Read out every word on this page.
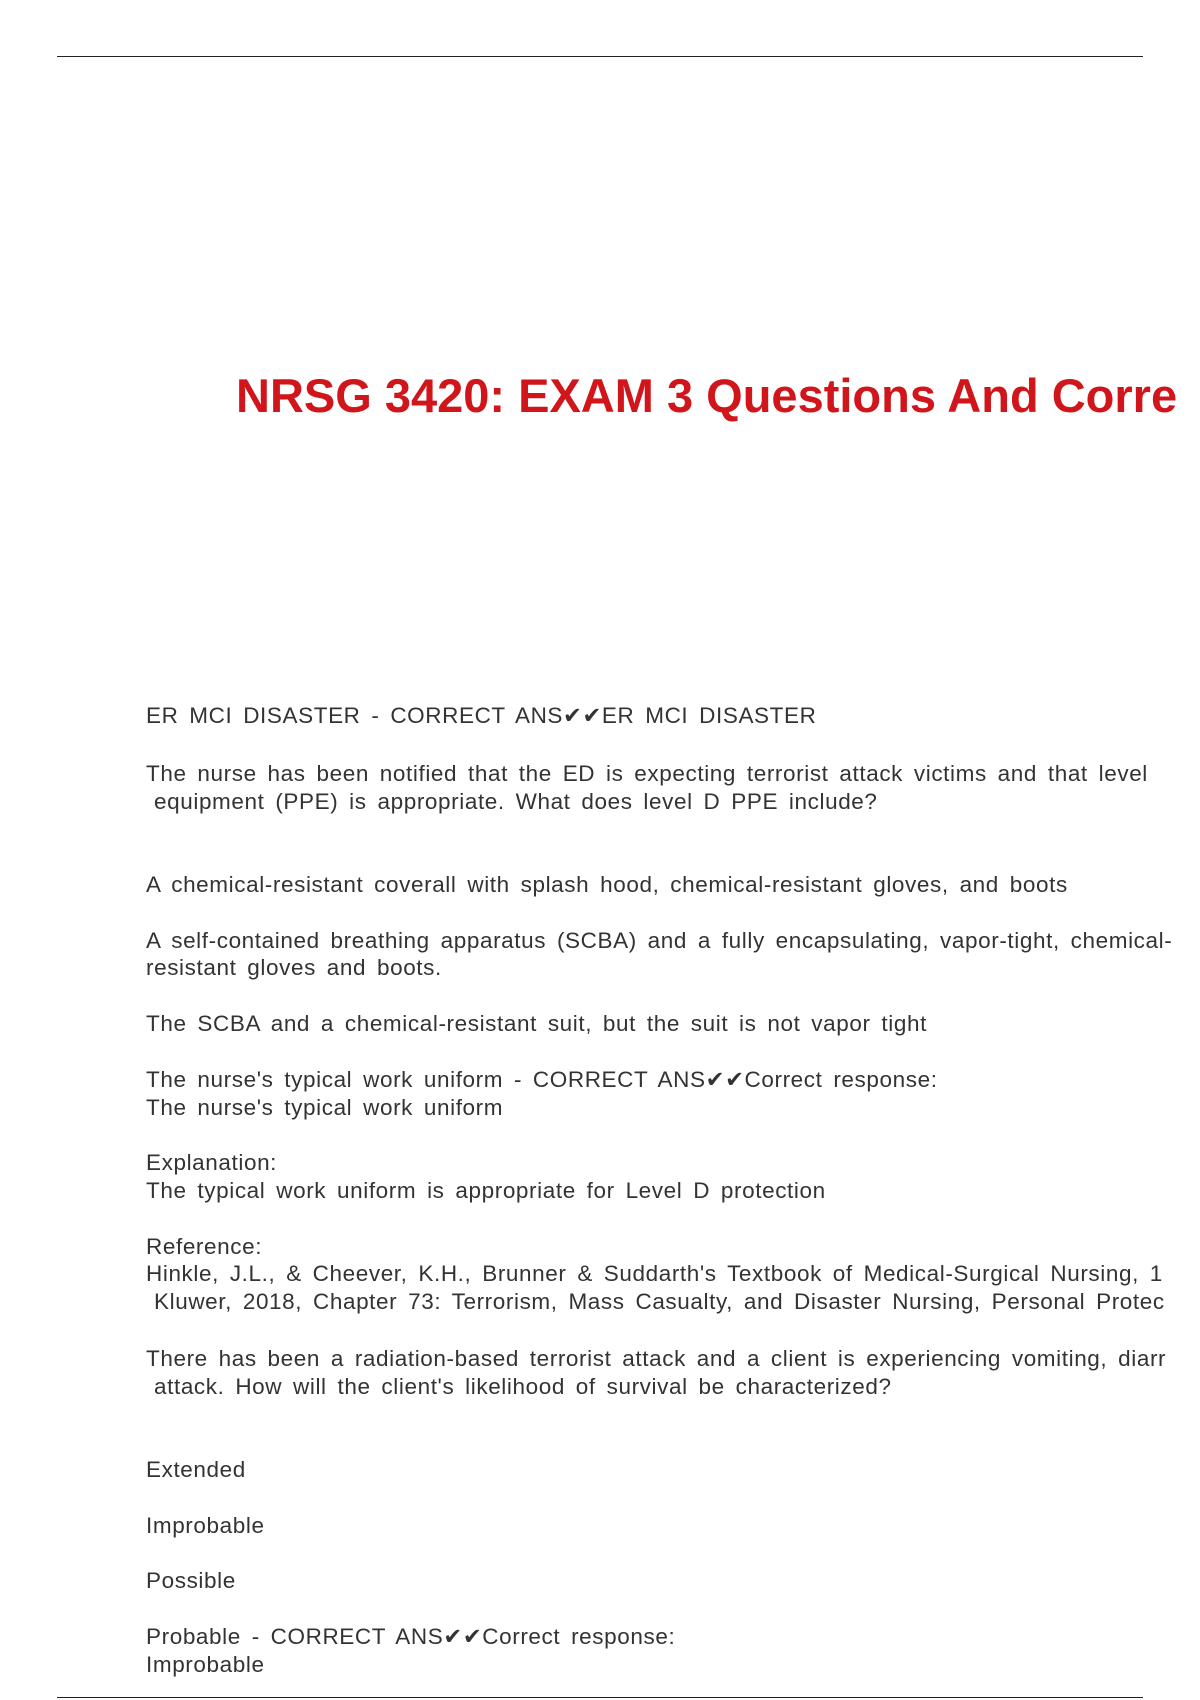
NRSG 3420: EXAM 3 Questions And Corre

ER MCI DISASTER - CORRECT ANS✔✔ER MCI DISASTER

The nurse has been notified that the ED is expecting terrorist attack victims and that level

equipment (PPE) is appropriate. What does level D PPE include?

A chemical-resistant coverall with splash hood, chemical-resistant gloves, and boots

A self-contained breathing apparatus (SCBA) and a fully encapsulating, vapor-tight, chemical-

resistant gloves and boots.

The SCBA and a chemical-resistant suit, but the suit is not vapor tight

The nurse's typical work uniform - CORRECT ANS✔✔Correct response:

The nurse's typical work uniform

Explanation:

The typical work uniform is appropriate for Level D protection

Reference:

Hinkle, J.L., & Cheever, K.H., Brunner & Suddarth's Textbook of Medical-Surgical Nursing, 1

Kluwer, 2018, Chapter 73: Terrorism, Mass Casualty, and Disaster Nursing, Personal Protec

There has been a radiation-based terrorist attack and a client is experiencing vomiting, diarr

attack. How will the client's likelihood of survival be characterized?

Extended

Improbable

Possible

Probable - CORRECT ANS✔✔Correct response:

Improbable
